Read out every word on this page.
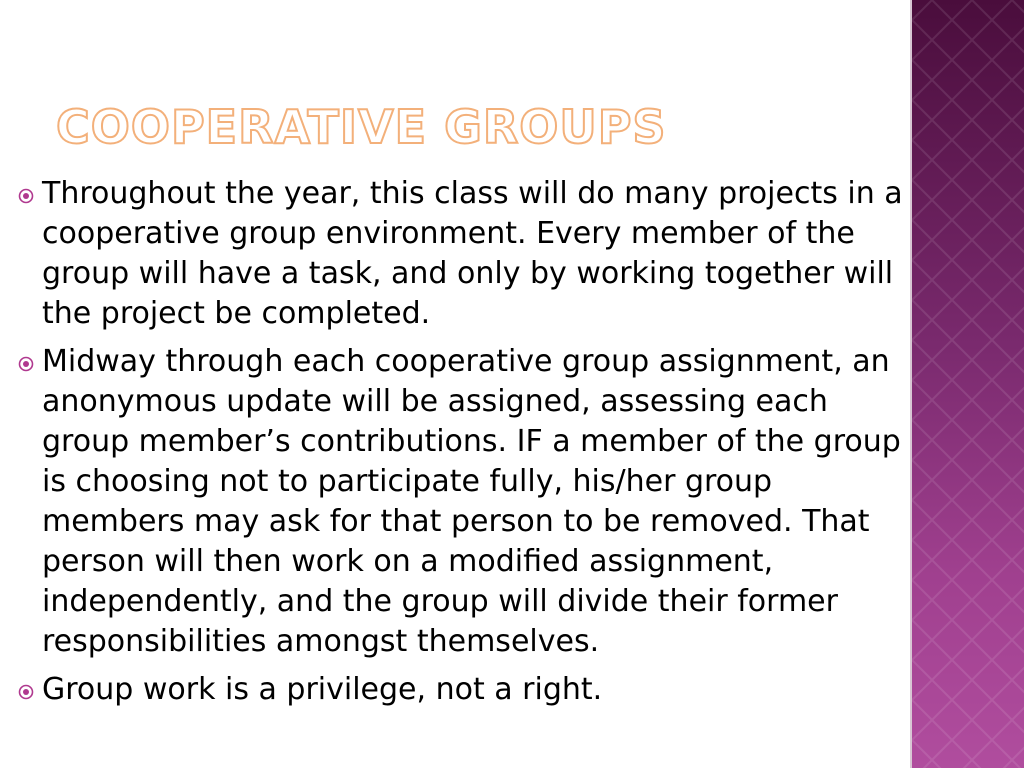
COOPERATIVE GROUPS
Throughout the year, this class will do many projects in a cooperative group environment. Every member of the group will have a task, and only by working together will the project be completed.
Midway through each cooperative group assignment, an anonymous update will be assigned, assessing each group member’s contributions. IF a member of the group is choosing not to participate fully, his/her group members may ask for that person to be removed. That person will then work on a modified assignment, independently, and the group will divide their former responsibilities amongst themselves.
Group work is a privilege, not a right.
